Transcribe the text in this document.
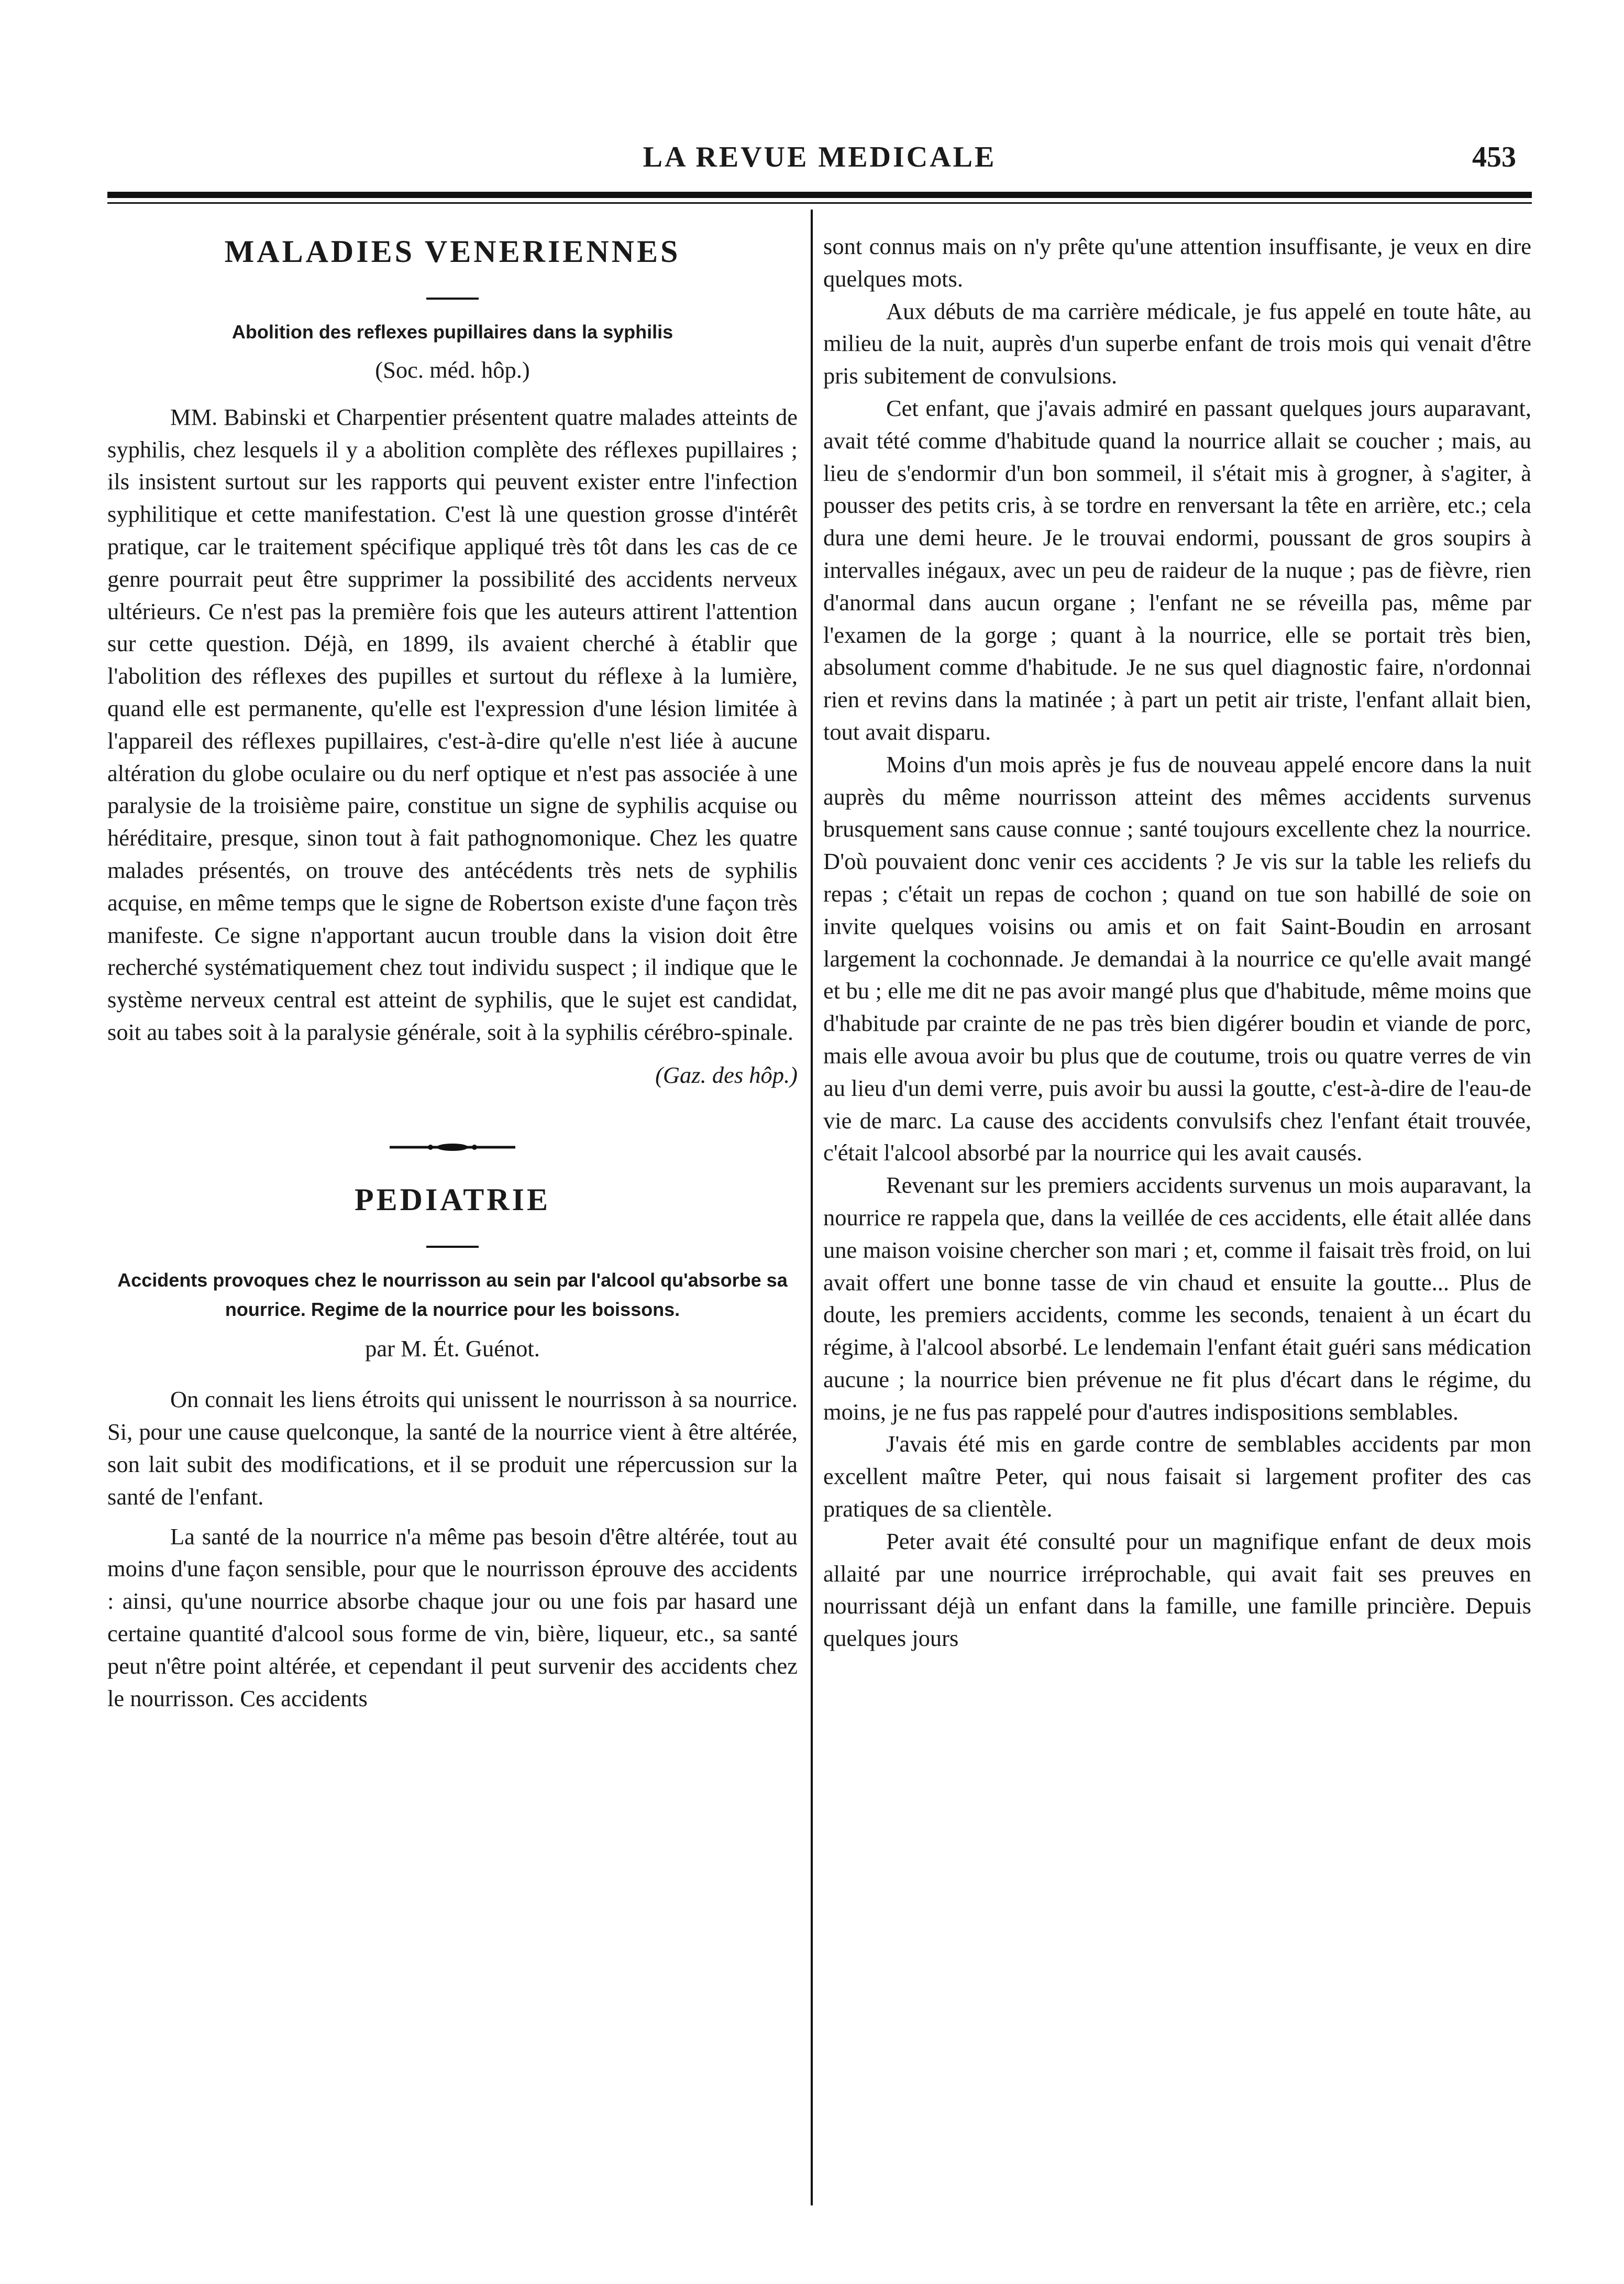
LA REVUE MEDICALE	453
MALADIES VENERIENNES
Abolition des reflexes pupillaires dans la syphilis

(Soc. méd. hôp.)

MM. Babinski et Charpentier présentent quatre malades atteints de syphilis, chez lesquels il y a abolition complète des réflexes pupillaires ; ils insistent surtout sur les rapports qui peuvent exister entre l'infection syphilitique et cette manifestation. C'est là une question grosse d'intérêt pratique, car le traitement spécifique appliqué très tôt dans les cas de ce genre pourrait peut être supprimer la possibilité des accidents nerveux ultérieurs. Ce n'est pas la première fois que les auteurs attirent l'attention sur cette question. Déjà, en 1899, ils avaient cherché à établir que l'abolition des réflexes des pupilles et surtout du réflexe à la lumière, quand elle est permanente, qu'elle est l'expression d'une lésion limitée à l'appareil des réflexes pupillaires, c'est-à-dire qu'elle n'est liée à aucune altération du globe oculaire ou du nerf optique et n'est pas associée à une paralysie de la troisième paire, constitue un signe de syphilis acquise ou héréditaire, presque, sinon tout à fait pathognomonique. Chez les quatre malades présentés, on trouve des antécédents très nets de syphilis acquise, en même temps que le signe de Robertson existe d'une façon très manifeste. Ce signe n'apportant aucun trouble dans la vision doit être recherché systématiquement chez tout individu suspect ; il indique que le système nerveux central est atteint de syphilis, que le sujet est candidat, soit au tabes soit à la paralysie générale, soit à la syphilis cérébro-spinale.

(Gaz. des hôp.)

PEDIATRIE
Accidents provoques chez le nourrisson au sein par l'alcool qu'absorbe sa nourrice. Regime de la nourrice pour les boissons.

par M. Ét. Guénot.

On connait les liens étroits qui unissent le nourrisson à sa nourrice. Si, pour une cause quelconque, la santé de la nourrice vient à être altérée, son lait subit des modifications, et il se produit une répercussion sur la santé de l'enfant.

La santé de la nourrice n'a même pas besoin d'être altérée, tout au moins d'une façon sensible, pour que le nourrisson éprouve des accidents : ainsi, qu'une nourrice absorbe chaque jour ou une fois par hasard une certaine quantité d'alcool sous forme de vin, bière, liqueur, etc., sa santé peut n'être point altérée, et cependant il peut survenir des accidents chez le nourrisson. Ces accidents

sont connus mais on n'y prête qu'une attention insuffisante, je veux en dire quelques mots.

Aux débuts de ma carrière médicale, je fus appelé en toute hâte, au milieu de la nuit, auprès d'un superbe enfant de trois mois qui venait d'être pris subitement de convulsions.

Cet enfant, que j'avais admiré en passant quelques jours auparavant, avait tété comme d'habitude quand la nourrice allait se coucher ; mais, au lieu de s'endormir d'un bon sommeil, il s'était mis à grogner, à s'agiter, à pousser des petits cris, à se tordre en renversant la tête en arrière, etc.; cela dura une demi heure. Je le trouvai endormi, poussant de gros soupirs à intervalles inégaux, avec un peu de raideur de la nuque ; pas de fièvre, rien d'anormal dans aucun organe ; l'enfant ne se réveilla pas, même par l'examen de la gorge ; quant à la nourrice, elle se portait très bien, absolument comme d'habitude. Je ne sus quel diagnostic faire, n'ordonnai rien et revins dans la matinée ; à part un petit air triste, l'enfant allait bien, tout avait disparu.

Moins d'un mois après je fus de nouveau appelé encore dans la nuit auprès du même nourrisson atteint des mêmes accidents survenus brusquement sans cause connue ; santé toujours excellente chez la nourrice. D'où pouvaient donc venir ces accidents ? Je vis sur la table les reliefs du repas ; c'était un repas de cochon ; quand on tue son habillé de soie on invite quelques voisins ou amis et on fait Saint-Boudin en arrosant largement la cochonnade. Je demandai à la nourrice ce qu'elle avait mangé et bu ; elle me dit ne pas avoir mangé plus que d'habitude, même moins que d'habitude par crainte de ne pas très bien digérer boudin et viande de porc, mais elle avoua avoir bu plus que de coutume, trois ou quatre verres de vin au lieu d'un demi verre, puis avoir bu aussi la goutte, c'est-à-dire de l'eau-de vie de marc. La cause des accidents convulsifs chez l'enfant était trouvée, c'était l'alcool absorbé par la nourrice qui les avait causés.

Revenant sur les premiers accidents survenus un mois auparavant, la nourrice re rappela que, dans la veillée de ces accidents, elle était allée dans une maison voisine chercher son mari ; et, comme il faisait très froid, on lui avait offert une bonne tasse de vin chaud et ensuite la goutte... Plus de doute, les premiers accidents, comme les seconds, tenaient à un écart du régime, à l'alcool absorbé. Le lendemain l'enfant était guéri sans médication aucune ; la nourrice bien prévenue ne fit plus d'écart dans le régime, du moins, je ne fus pas rappelé pour d'autres indispositions semblables.

J'avais été mis en garde contre de semblables accidents par mon excellent maître Peter, qui nous faisait si largement profiter des cas pratiques de sa clientèle.

Peter avait été consulté pour un magnifique enfant de deux mois allaité par une nourrice irréprochable, qui avait fait ses preuves en nourrissant déjà un enfant dans la famille, une famille princière. Depuis quelques jours
